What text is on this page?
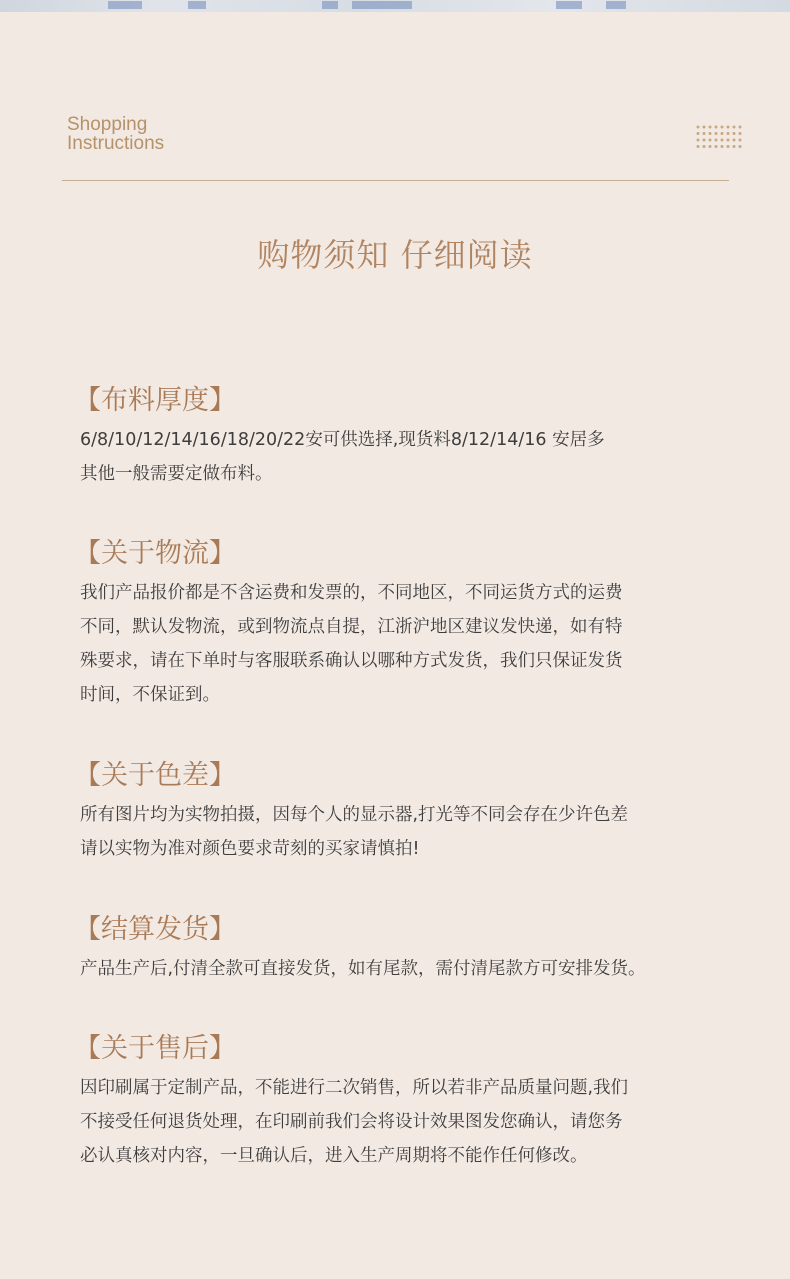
Shopping
Instructions
购物须知 仔细阅读
【布料厚度】

6/8/10/12/14/16/18/20/22安可供选择,现货料8/12/14/16 安居多
其他一般需要定做布料。

【关于物流】

我们产品报价都是不含运费和发票的，不同地区，不同运货方式的运费
不同，默认发物流，或到物流点自提，江浙沪地区建议发快递，如有特
殊要求，请在下单时与客服联系确认以哪种方式发货，我们只保证发货
时间，不保证到。

【关于色差】

所有图片均为实物拍摄，因每个人的显示器,打光等不同会存在少许色差
请以实物为准对颜色要求苛刻的买家请慎拍!

【结算发货】

产品生产后,付清全款可直接发货，如有尾款，需付清尾款方可安排发货。

【关于售后】

因印刷属于定制产品，不能进行二次销售，所以若非产品质量问题,我们
不接受任何退货处理，在印刷前我们会将设计效果图发您确认，请您务
必认真核对内容，一旦确认后，进入生产周期将不能作任何修改。
